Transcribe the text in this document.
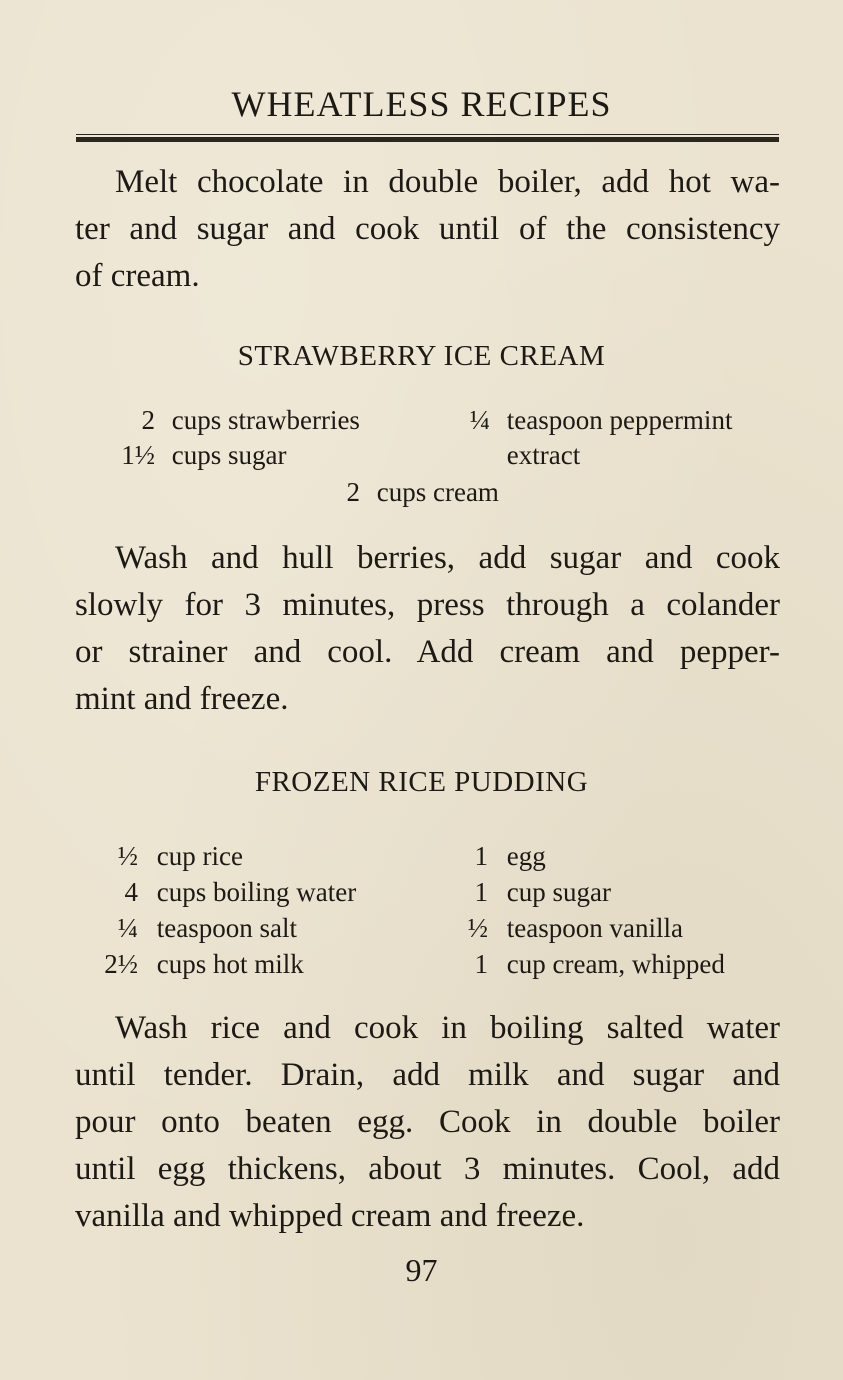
WHEATLESS RECIPES
Melt chocolate in double boiler, add hot wa-
ter and sugar and cook until of the consistency
of cream.
STRAWBERRY ICE CREAM
2 cups strawberries
1½ cups sugar
¼ teaspoon peppermint
extract
2 cups cream
Wash and hull berries, add sugar and cook
slowly for 3 minutes, press through a colander
or strainer and cool. Add cream and pepper-
mint and freeze.
FROZEN RICE PUDDING
½ cup rice
4 cups boiling water
¼ teaspoon salt
2½ cups hot milk
1 egg
1 cup sugar
½ teaspoon vanilla
1 cup cream, whipped
Wash rice and cook in boiling salted water
until tender. Drain, add milk and sugar and
pour onto beaten egg. Cook in double boiler
until egg thickens, about 3 minutes. Cool, add
vanilla and whipped cream and freeze.
97
